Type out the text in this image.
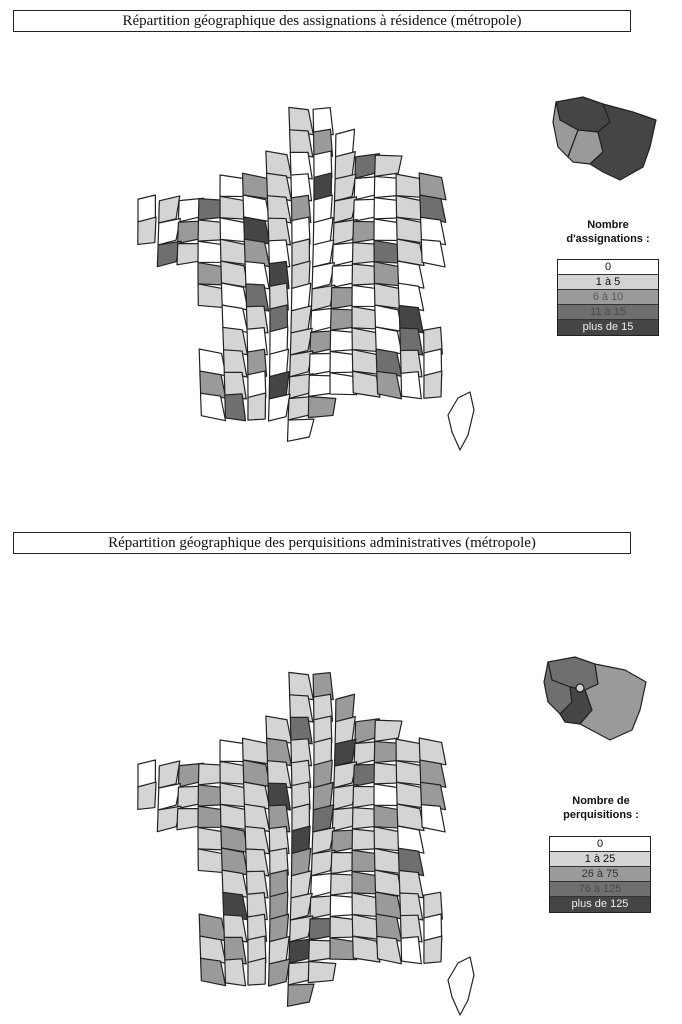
Répartition géographique des assignations à résidence (métropole)
Nombre
d'assignations :
0
1 à 5
6 à 10
11 à 15
plus de 15
Répartition géographique des perquisitions administratives (métropole)
Nombre de
perquisitions :
0
1 à 25
26 à 75
76 à 125
plus de 125
